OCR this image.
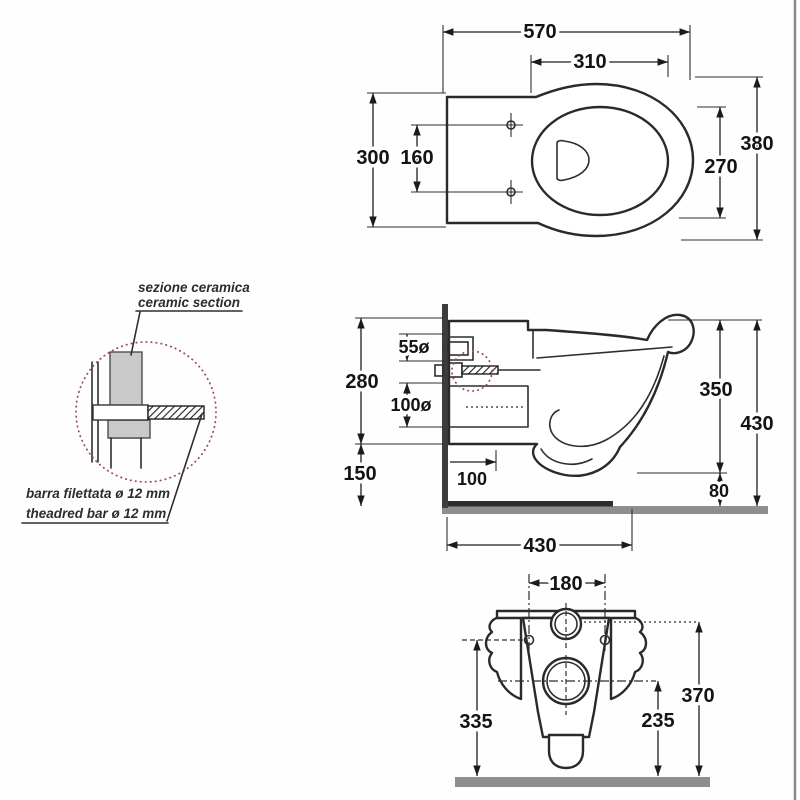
570
310
300 160
380
270
280
150
55ø
100ø
100
430
350
80
430
sezione ceramica
ceramic section
barra filettata ø 12 mm
theadred bar ø 12 mm
180
335	235
370
